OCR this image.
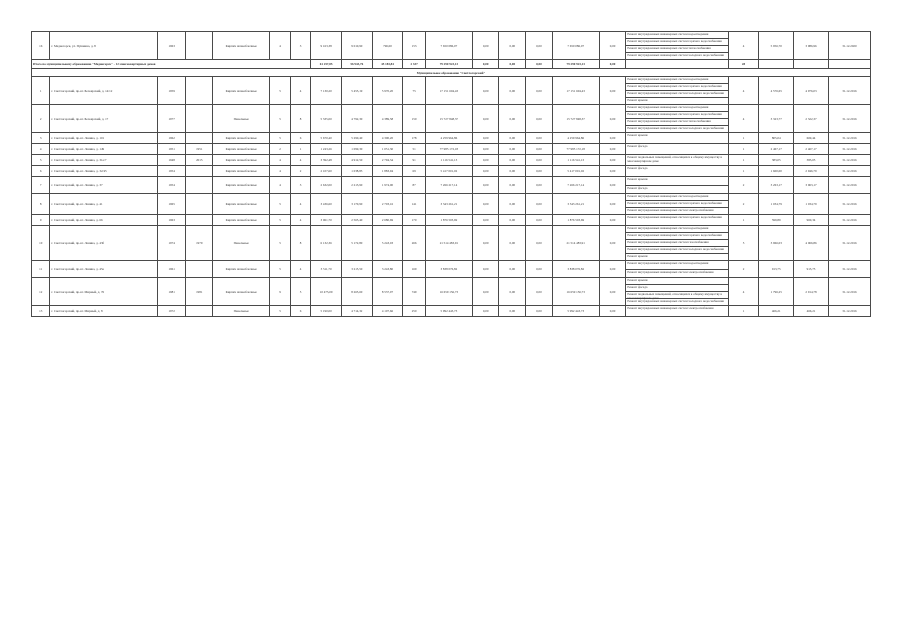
16	г. Медногорск, ул. Пушкина, д. 8	1963		Кирпич шлакоблочные	4	3	9 163,38	9 010,90	796,00	153	7 650 086,07	0,00	0,00	0,00	7 650 086,07	0,00	Ремонт внутридомовых инженерных систем водоотведения
Ремонт внутридомовых инженерных систем горячего водоснабжения
Ремонт внутридомовых инженерных систем теплоснабжения
Ремонт внутридомовых инженерных систем холодного водоснабжения	4	5 956,70	3 986,96	31.12.2020
Итого по муниципальному образованию "Медногорск" - 12 многоквартирных домов							61 257,85	56 943,76	45 183,84	2 337	79 290 923,13	0,00	0,00	0,00	79 290 923,13	0,00		28			
Муниципальное образование "Светлогорский"																					
1	г. Светлогорский, пр-кт. Белоярский, д. 14/12	1959		Кирпич шлакоблочные	5	4	7 130,20	5 455,19	5 970,20	75	17 151 604,43	0,00	0,00	0,00	17 151 604,43	0,00	Ремонт внутридомовых инженерных систем водоотведения
Ремонт внутридомовых инженерных систем горячего водоснабжения
Ремонт внутридомовых инженерных систем холодного водоснабжения
Ремонт крыши	4	4 576,65	4 976,03	31.12.2016
2	г. Светлогорский, пр-кт. Белоярский, д. 17	1977		Панельные	5	8	5 335,00	4 792,30	4 389,58	150	15 727 848,37	0,00	0,00	0,00	15 727 848,37	0,00	Ремонт внутридомовых инженерных систем водоотведения
Ремонт внутридомовых инженерных систем горячего водоснабжения
Ремонт внутридомовых инженерных систем теплоснабжения
Ремонт внутридомовых инженерных систем холодного водоснабжения	4	3 323,77	2 322,37	31.12.2016
3	г. Светлогорский, пр-кт. Ленина, д. 101	1962		Кирпич шлакоблочные	5	6	5 670,40	5 290,40	4 300,20	178	4 259 964,86	0,00	0,00	0,00	4 259 964,86	0,00	Ремонт крыши	1	805,04	669,44	31.12.2016
4	г. Светлогорский, пр-кт. Ленина, д. 149	1951	1951	Кирпич шлакоблочные	2	1	1 243,26	1 099,30	1 051,30	51	77 985 172,18	0,00	0,00	0,00	77 985 172,18	0,00	Ремонт фасада	1	2 467,17	2 467,17	31.12.2016
5	г. Светлогорский, пр-кт. Ленина, д. 31а/7	1948	2015	Кирпич шлакоблочные	4	4	3 392,48	4 912,50	2 794,34	91	1 116 541,13	0,00	0,00	0,00	1 116 541,13	0,00	Ремонт подвальных помещений, относящихся к общему имуществу в многоквартирном доме	1	383,05	383,05	31.12.2016
6	г. Светлогорский, пр-кт. Ленина, д. 32/45	1954		Кирпич шлакоблочные	4	2	2 107,60	1 038,83	1 883,94	69	5 417 001,02	0,00	0,00	0,00	5 417 001,02	0,00	Ремонт фасада	1	1 600,00	2 946,79	31.12.2016
7	г. Светлогорский, пр-кт. Ленина, д. 37	1954		Кирпич шлакоблочные	4	3	2 632,00	2 213,90	1 974,00	87	7 266 217,14	0,00	0,00	0,00	7 266 217,14	0,00	Ремонт крыши
Ремонт фасада	2	3 263,17	3 963,17	31.12.2016
8	г. Светлогорский, пр-кт. Ленина, д. 41	1965		Кирпич шлакоблочные	5	4	3 436,60	3 170,90	2 703,16	141	3 343 261,21	0,00	0,00	0,00	3 343 261,21	0,00	Ремонт внутридомовых инженерных систем водоотведения
Ремонт внутридомовых инженерных систем горячего водоснабжения
Ремонт внутридомовых инженерных систем электроснабжения	2	1 034,79	1 034,79	31.12.2016
9	г. Светлогорский, пр-кт. Ленина, д. 66	1963		Кирпич шлакоблочные	5	4	3 061,70	2 565,40	2 680,69	170	1 876 503,69	0,00	0,00	0,00	1 876 503,69	0,00	Ремонт внутридомовых инженерных систем горячего водоснабжения	1	599,89	960,34	31.12.2016
10	г. Светлогорский, пр-кт. Ленина, д. 43б	1974	1979	Панельные	5	8	6 132,36	5 172,80	5 243,03	266	21 514 483,91	0,00	0,00	0,00	21 514 483,91	0,00	Ремонт внутридомовых инженерных систем водоотведения
Ремонт внутридомовых инженерных систем горячего водоснабжения
Ремонт внутридомовых инженерных систем газоснабжения
Ремонт внутридомовых инженерных систем холодного водоснабжения
Ремонт крыши	5	3 966,03	4 066,86	31.12.2016
11	г. Светлогорский, пр-кт. Ленина, д. 45а	1961		Кирпич шлакоблочные	5	4	3 511,70	3 215,50	3 243,80	169	3 838 076,82	0,00	0,00	0,00	3 838 076,82	0,00	Ремонт внутридомовых инженерных систем водоотведения
Ремонт внутридомовых инженерных систем электроснабжения	2	913,75	913,75	31.12.2016
12	г. Светлогорский, пр-кт. Мирный, д. 76	1981	1981	Кирпич шлакоблочные	9	5	10 475,09	8 265,60	8 537,07	749	16 659 156,73	0,00	0,00	0,00	16 659 156,73	0,00	Ремонт крыши
Ремонт фасада
Ремонт подвальных помещений, относящихся к общему имуществу в многоквартирном доме
Ремонт внутридомовых инженерных систем холодного водоснабжения	4	1 796,25	2 914,78	31.12.2016
13	г. Светлогорский, пр-кт. Мирный, д. 8	1972		Панельные	5	6	5 190,00	4 714,32	4 107,66	250	5 992 443,73	0,00	0,00	0,00	5 992 443,73	0,00	Ремонт внутридомовых инженерных систем электроснабжения	1	466,21	466,21	31.12.2016
